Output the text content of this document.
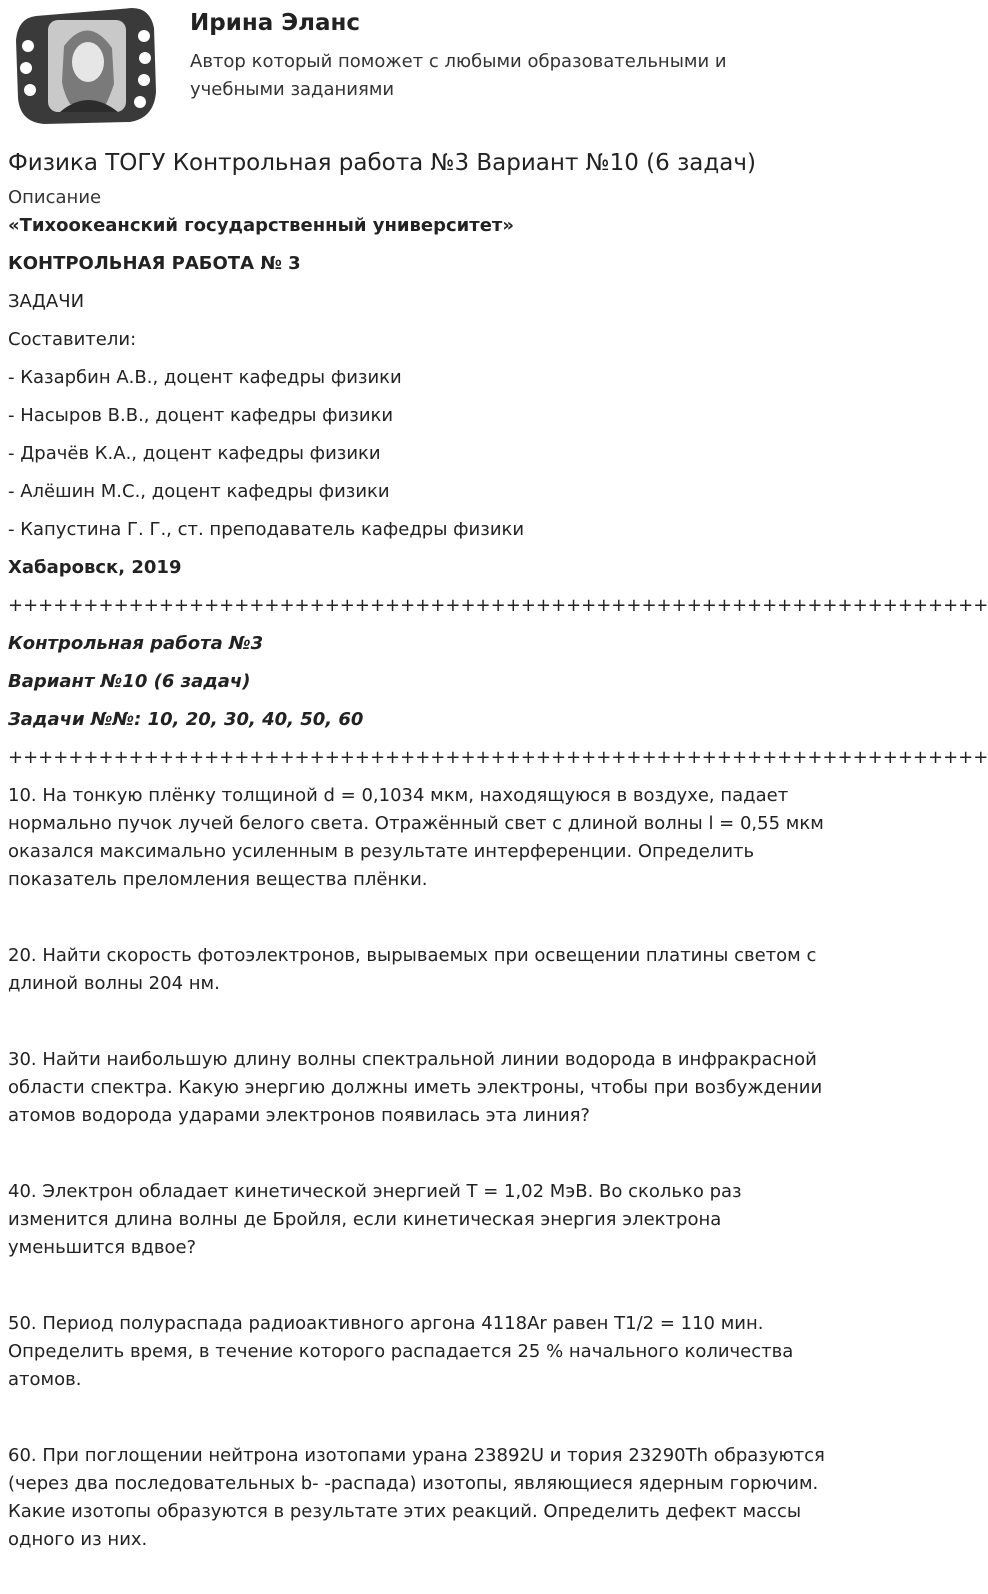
Ирина Эланс
Автор который поможет с любыми образовательными и учебными заданиями
Физика ТОГУ Контрольная работа №3 Вариант №10 (6 задач)
Описание
«Тихоокеанский государственный университет»
КОНТРОЛЬНАЯ РАБОТА № 3
ЗАДАЧИ
Составители:
- Казарбин А.В., доцент кафедры физики
- Насыров В.В., доцент кафедры физики
- Драчёв К.А., доцент кафедры физики
- Алёшин М.С., доцент кафедры физики
- Капустина Г. Г., ст. преподаватель кафедры физики
Хабаровск, 2019
+++++++++++++++++++++++++++++++++++++++++++++++++++++++++++++++++
Контрольная работа №3
Вариант №10 (6 задач)
Задачи №№: 10, 20, 30, 40, 50, 60
+++++++++++++++++++++++++++++++++++++++++++++++++++++++++++++++++
10. На тонкую плёнку толщиной d = 0,1034 мкм, находящуюся в воздухе, падает нормально пучок лучей белого света. Отражённый свет с длиной волны l = 0,55 мкм оказался максимально усиленным в результате интерференции. Определить показатель преломления вещества плёнки.
20. Найти скорость фотоэлектронов, вырываемых при освещении платины светом с длиной волны 204 нм.
30. Найти наибольшую длину волны спектральной линии водорода в инфракрасной области спектра. Какую энергию должны иметь электроны, чтобы при возбуждении атомов водорода ударами электронов появилась эта линия?
40. Электрон обладает кинетической энергией Т = 1,02 МэВ. Во сколько раз изменится длина волны де Бройля, если кинетическая энергия электрона уменьшится вдвое?
50. Период полураспада радиоактивного аргона 4118Ar равен T1/2 = 110 мин. Определить время, в течение которого распадается 25 % начального количества атомов.
60. При поглощении нейтрона изотопами урана 23892U и тория 23290Th образуются (через два последовательных b- -распада) изотопы, являющиеся ядерным горючим. Какие изотопы образуются в результате этих реакций. Определить дефект массы одного из них.
